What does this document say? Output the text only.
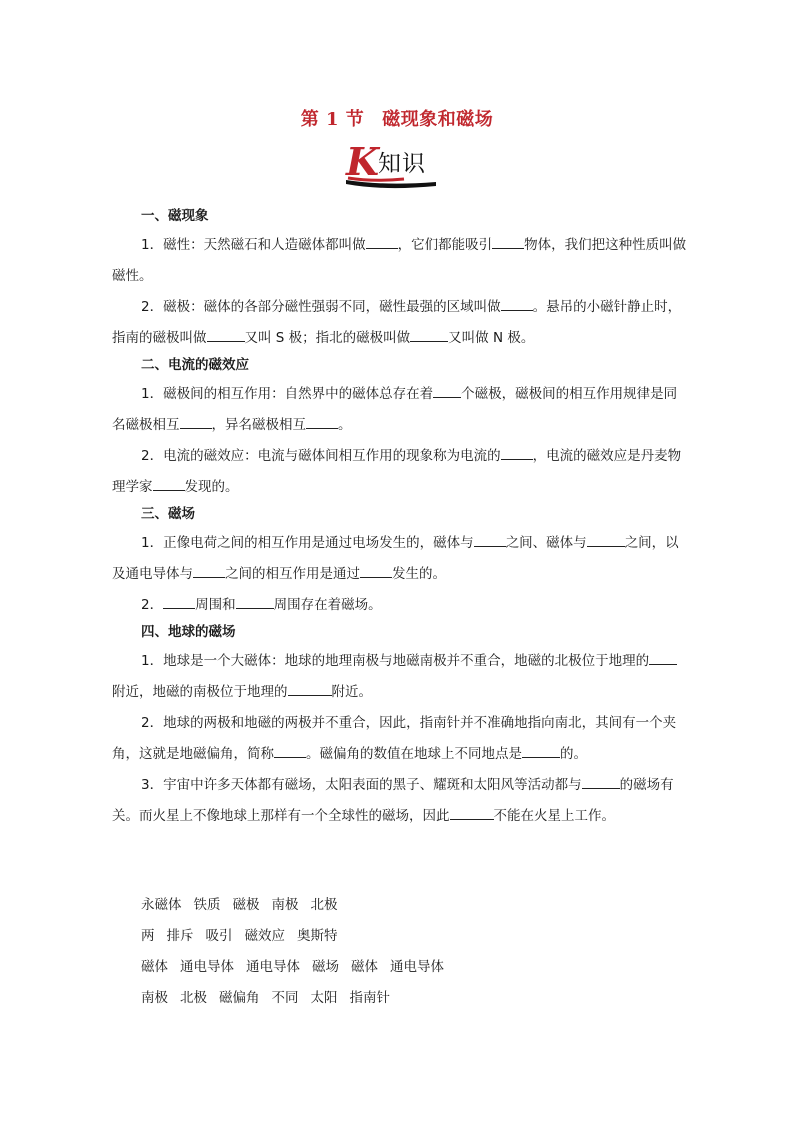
第 1 节 磁现象和磁场
K
知识
一、磁现象

1．磁性：天然磁石和人造磁体都叫做 ，它们都能吸引 物体，我们把这种性质叫做磁性。

2．磁极：磁体的各部分磁性强弱不同，磁性最强的区域叫做 。悬吊的小磁针静止时，指南的磁极叫做	又叫 S 极；指北的磁极叫做	又叫做 N 极。

二、电流的磁效应

1．磁极间的相互作用：自然界中的磁体总存在着 个磁极，磁极间的相互作用规律是同名磁极相互 ，异名磁极相互 。

2．电流的磁效应：电流与磁体间相互作用的现象称为电流的 ，电流的磁效应是丹麦物理学家 发现的。

三、磁场

1．正像电荷之间的相互作用是通过电场发生的，磁体与 之间、磁体与	之间，以及通电导体与 之间的相互作用是通过 发生的。

2． 周围和	周围存在着磁场。

四、地球的磁场

1．地球是一个大磁体：地球的地理南极与地磁南极并不重合，地磁的北极位于地理的附近，地磁的南极位于地理的	附近。

2．地球的两极和地磁的两极并不重合，因此，指南针并不准确地指向南北，其间有一个夹角，这就是地磁偏角，简称 。磁偏角的数值在地球上不同地点是	的。

3．宇宙中许多天体都有磁场，太阳表面的黑子、耀斑和太阳风等活动都与	的磁场有关。而火星上不像地球上那样有一个全球性的磁场，因此	不能在火星上工作。

永磁体 铁质 磁极 南极 北极
两 排斥 吸引 磁效应 奥斯特
磁体 通电导体 通电导体 磁场 磁体 通电导体
南极 北极 磁偏角 不同 太阳 指南针
